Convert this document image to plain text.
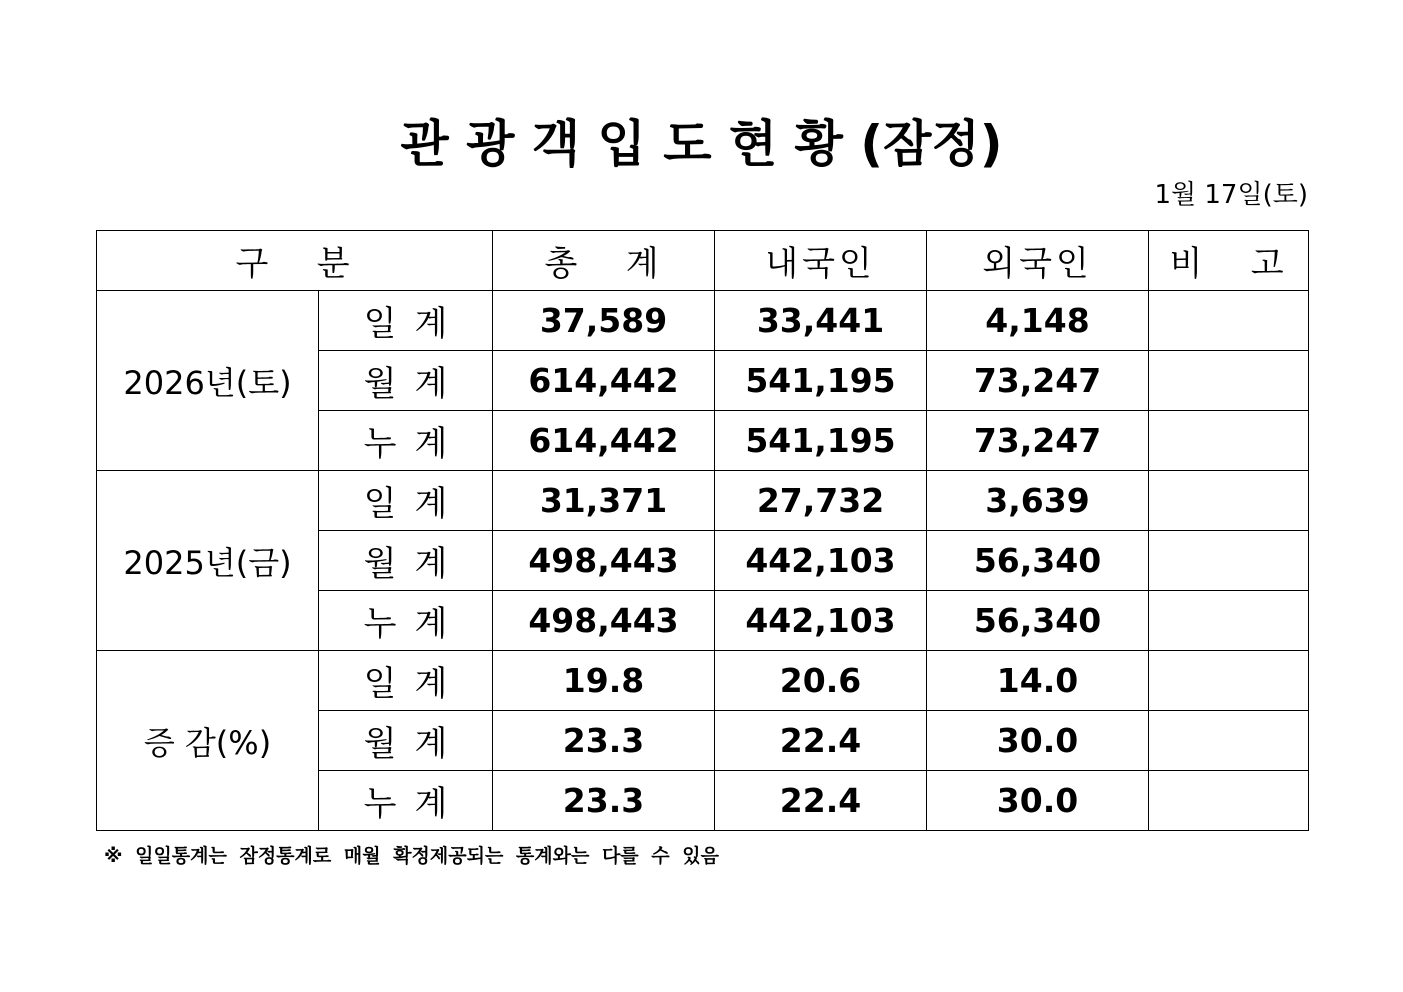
관 광 객 입 도 현 황 (잠정)
1월 17일(토)
구   분		총   계	내국인	외국인	비   고
2026년(토)	일계	37,589	33,441	4,148	
	월계	614,442	541,195	73,247	
	누계	614,442	541,195	73,247	
2025년(금)	일계	31,371	27,732	3,639	
	월계	498,443	442,103	56,340	
	누계	498,443	442,103	56,340	
증 감(%)	일계	19.8	20.6	14.0	
	월계	23.3	22.4	30.0	
	누계	23.3	22.4	30.0	
※ 일일통계는 잠정통계로 매월 확정제공되는 통계와는 다를 수 있음
